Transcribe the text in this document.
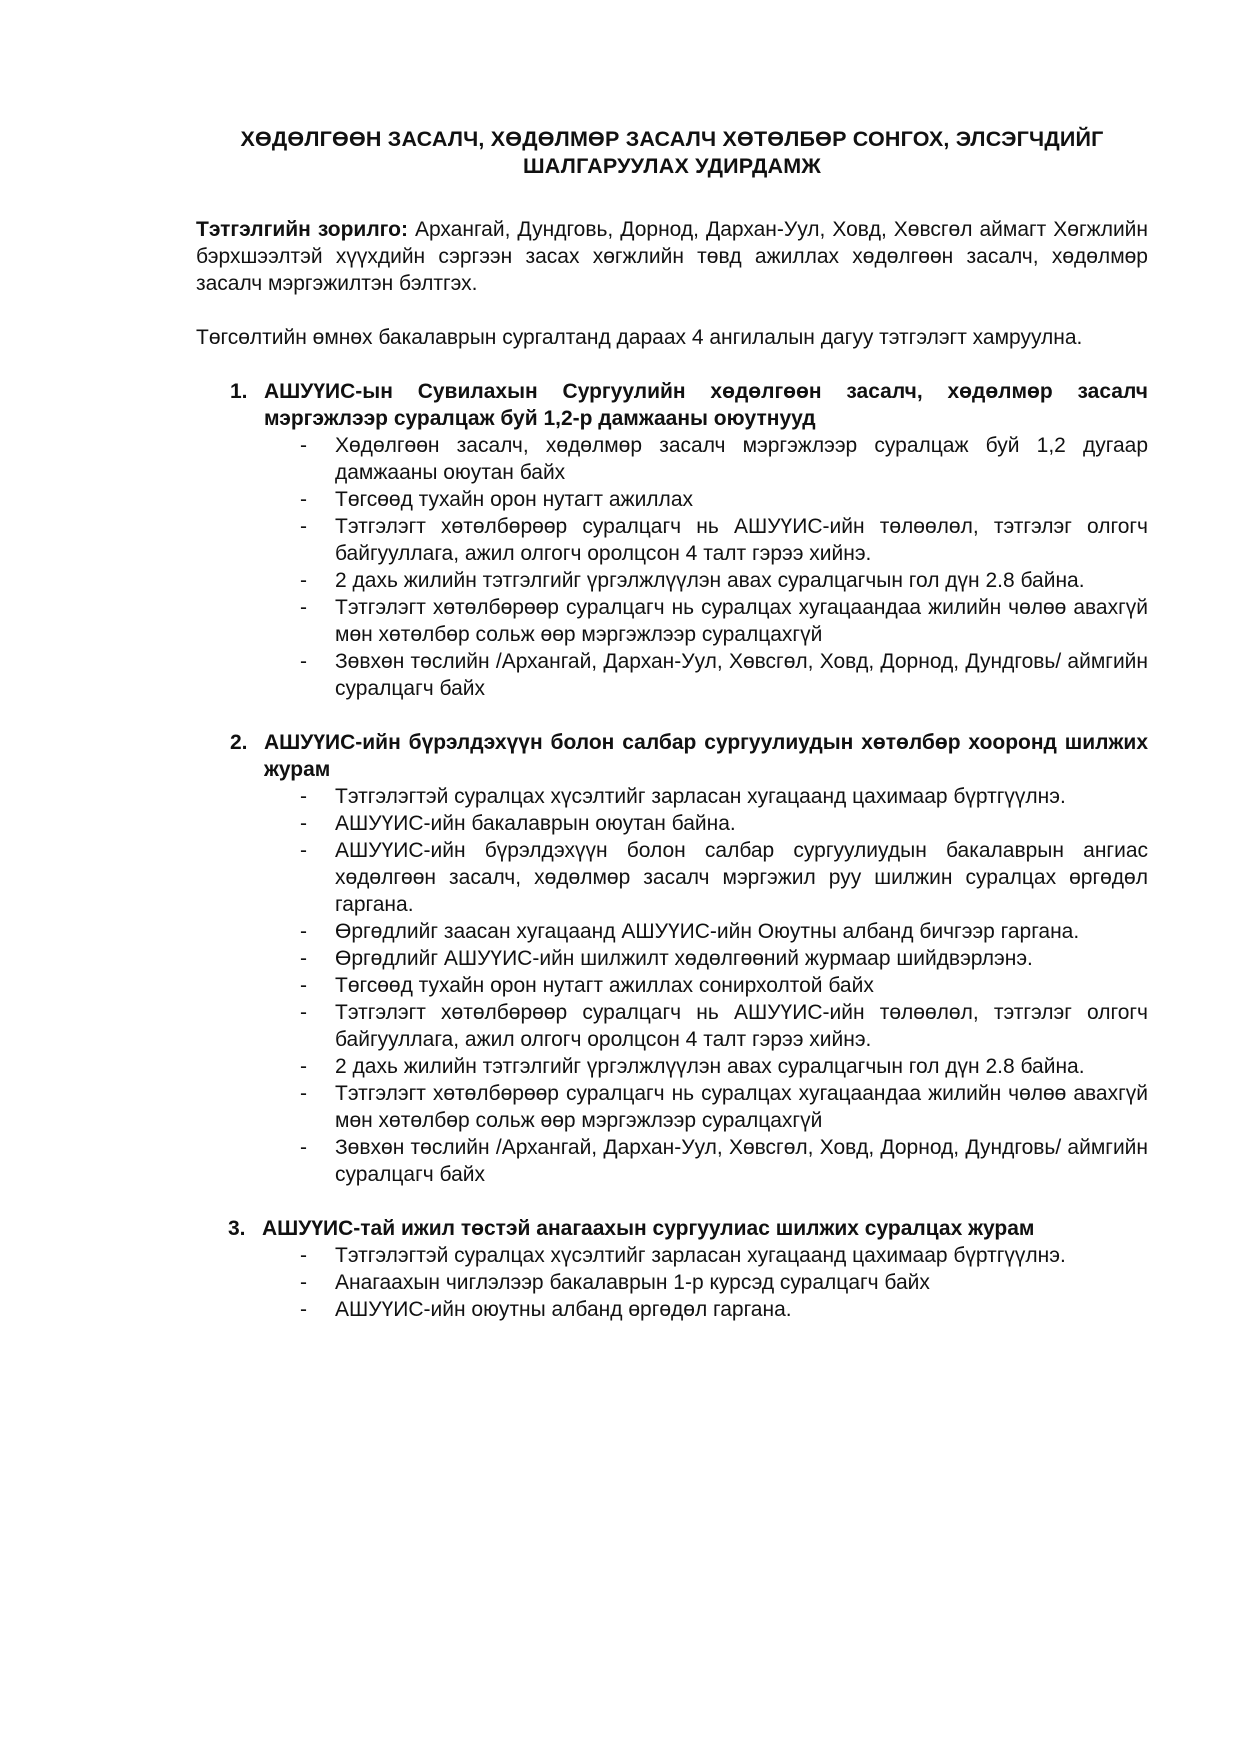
ХӨДӨЛГӨӨН ЗАСАЛЧ, ХӨДӨЛМӨР ЗАСАЛЧ ХӨТӨЛБӨР СОНГОХ, ЭЛСЭГЧДИЙГ
ШАЛГАРУУЛАХ УДИРДАМЖ

Тэтгэлгийн зорилго: Архангай, Дундговь, Дорнод, Дархан-Уул, Ховд, Хөвсгөл аймагт Хөгжлийн бэрхшээлтэй хүүхдийн сэргээн засах хөгжлийн төвд ажиллах хөдөлгөөн засалч, хөдөлмөр засалч мэргэжилтэн бэлтгэх.

Төгсөлтийн өмнөх бакалаврын сургалтанд дараах 4 ангилалын дагуу тэтгэлэгт хамруулна.

1. АШУҮИС-ын Сувилахын Сургуулийн хөдөлгөөн засалч, хөдөлмөр засалч мэргэжлээр суралцаж буй 1,2-р дамжааны оюутнууд
- Хөдөлгөөн засалч, хөдөлмөр засалч мэргэжлээр суралцаж буй 1,2 дугаар дамжааны оюутан байх
- Төгсөөд тухайн орон нутагт ажиллах
- Тэтгэлэгт хөтөлбөрөөр суралцагч нь АШУҮИС-ийн төлөөлөл, тэтгэлэг олгогч байгууллага, ажил олгогч оролцсон 4 талт гэрээ хийнэ.
- 2 дахь жилийн тэтгэлгийг үргэлжлүүлэн авах суралцагчын гол дүн 2.8 байна.
- Тэтгэлэгт хөтөлбөрөөр суралцагч нь суралцах хугацаандаа жилийн чөлөө авахгүй мөн хөтөлбөр сольж өөр мэргэжлээр суралцахгүй
- Зөвхөн төслийн /Архангай, Дархан-Уул, Хөвсгөл, Ховд, Дорнод, Дундговь/ аймгийн суралцагч байх
2. АШУҮИС-ийн бүрэлдэхүүн болон салбар сургуулиудын хөтөлбөр хооронд шилжих журам
- Тэтгэлэгтэй суралцах хүсэлтийг зарласан хугацаанд цахимаар бүртгүүлнэ.
- АШУҮИС-ийн бакалаврын оюутан байна.
- АШУҮИС-ийн бүрэлдэхүүн болон салбар сургуулиудын бакалаврын ангиас хөдөлгөөн засалч, хөдөлмөр засалч мэргэжил руу шилжин суралцах өргөдөл гаргана.
- Өргөдлийг заасан хугацаанд АШУҮИС-ийн Оюутны албанд бичгээр гаргана.
- Өргөдлийг АШУҮИС-ийн шилжилт хөдөлгөөний журмаар шийдвэрлэнэ.
- Төгсөөд тухайн орон нутагт ажиллах сонирхолтой байх
- Тэтгэлэгт хөтөлбөрөөр суралцагч нь АШУҮИС-ийн төлөөлөл, тэтгэлэг олгогч байгууллага, ажил олгогч оролцсон 4 талт гэрээ хийнэ.
- 2 дахь жилийн тэтгэлгийг үргэлжлүүлэн авах суралцагчын гол дүн 2.8 байна.
- Тэтгэлэгт хөтөлбөрөөр суралцагч нь суралцах хугацаандаа жилийн чөлөө авахгүй мөн хөтөлбөр сольж өөр мэргэжлээр суралцахгүй
- Зөвхөн төслийн /Архангай, Дархан-Уул, Хөвсгөл, Ховд, Дорнод, Дундговь/ аймгийн суралцагч байх
3. АШУҮИС-тай ижил төстэй анагаахын сургуулиас шилжих суралцах журам
- Тэтгэлэгтэй суралцах хүсэлтийг зарласан хугацаанд цахимаар бүртгүүлнэ.
- Анагаахын чиглэлээр бакалаврын 1-р курсэд суралцагч байх
- АШУҮИС-ийн оюутны албанд өргөдөл гаргана.
